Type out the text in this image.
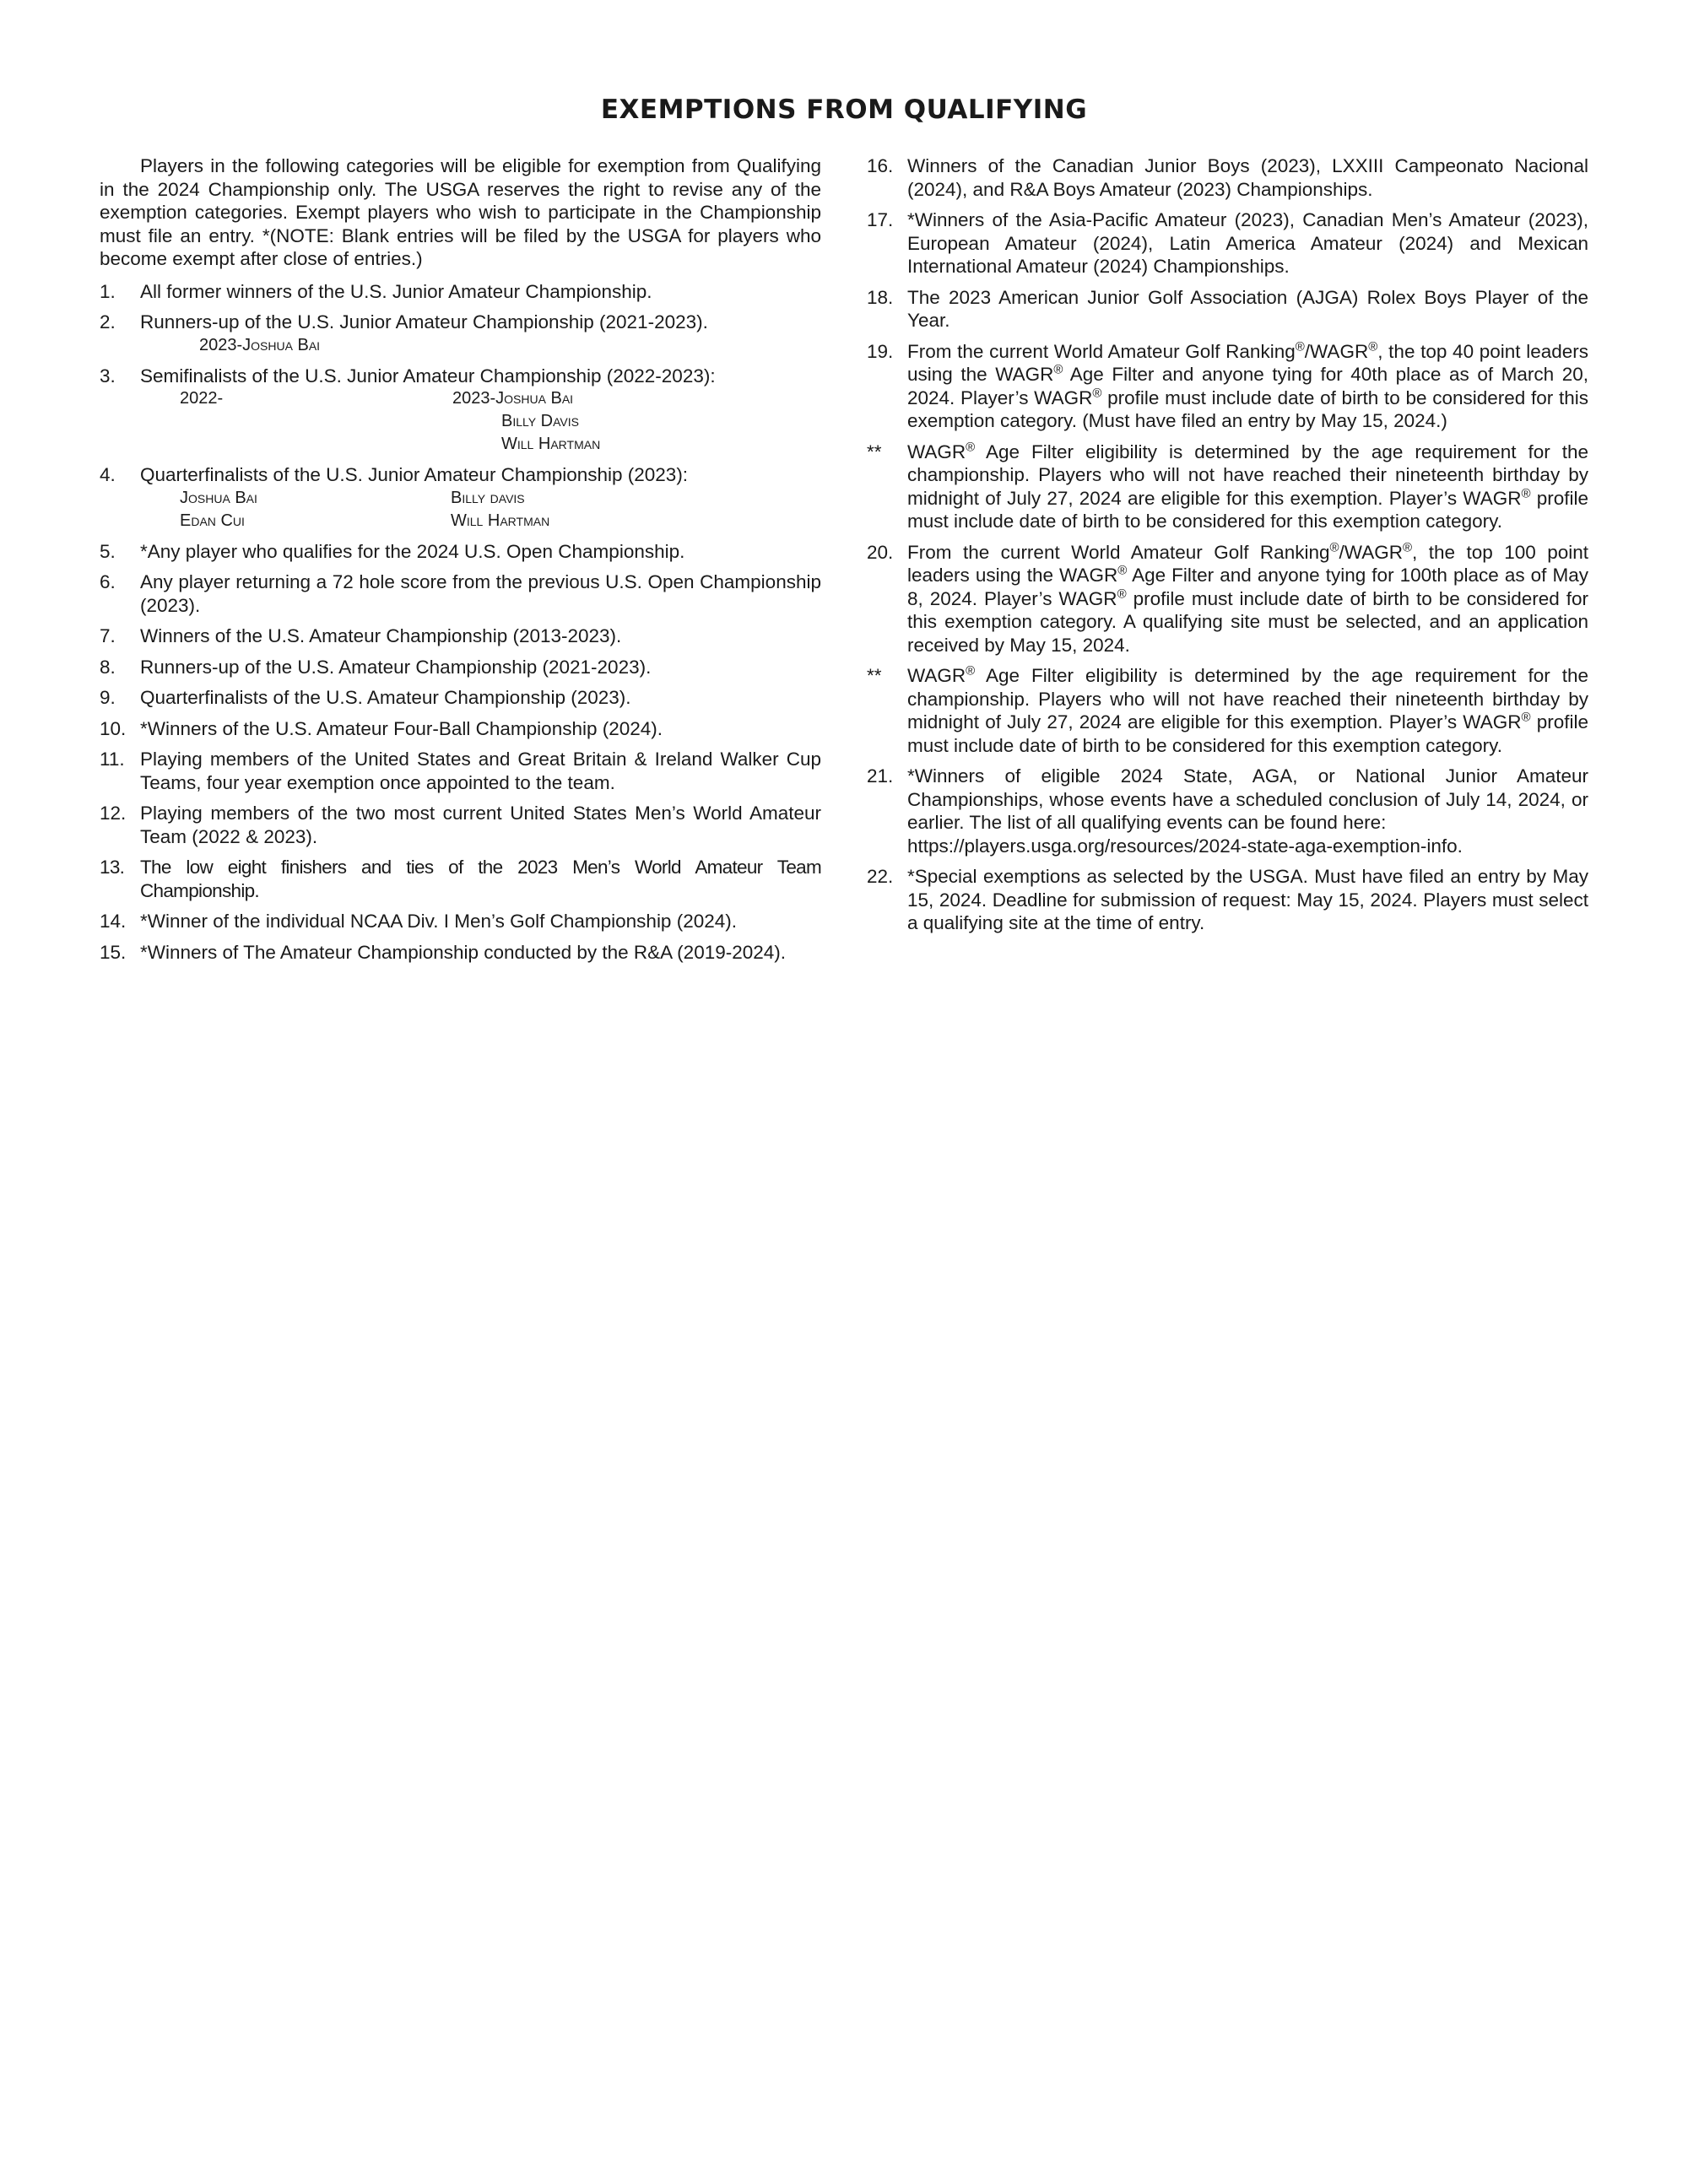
EXEMPTIONS FROM QUALIFYING

Players in the following categories will be eligible for exemption from Qualifying in the 2024 Championship only. The USGA reserves the right to revise any of the exemption categories. Exempt players who wish to participate in the Championship must file an entry. *(NOTE: Blank entries will be filed by the USGA for players who become exempt after close of entries.)

1.	All former winners of the U.S. Junior Amateur Championship.
2.	Runners-up of the U.S. Junior Amateur Championship (2021-2023).
2023-Joshua Bai
3.	Semifinalists of the U.S. Junior Amateur Championship (2022-2023):
2022-	2023-Joshua Bai
Billy Davis
Will Hartman
4.	Quarterfinalists of the U.S. Junior Amateur Championship (2023):
Joshua Bai	Billy davis
Edan Cui	Will Hartman
5.	*Any player who qualifies for the 2024 U.S. Open Championship.
6.	Any player returning a 72 hole score from the previous U.S. Open Championship (2023).
7.	Winners of the U.S. Amateur Championship (2013-2023).
8.	Runners-up of the U.S. Amateur Championship (2021-2023).
9.	Quarterfinalists of the U.S. Amateur Championship (2023).
10. *Winners of the U.S. Amateur Four-Ball Championship (2024).
11. Playing members of the United States and Great Britain & Ireland Walker Cup Teams, four year exemption once appointed to the team.
12. Playing members of the two most current United States Men’s World Amateur Team (2022 & 2023).
13. The low eight finishers and ties of the 2023 Men’s World Amateur Team Championship.
14. *Winner of the individual NCAA Div. I Men’s Golf Championship (2024).
15. *Winners of The Amateur Championship conducted by the R&A (2019-2024).
16. Winners of the Canadian Junior Boys (2023), LXXIII Campeonato Nacional (2024), and R&A Boys Amateur (2023) Championships.
17. *Winners of the Asia-Pacific Amateur (2023), Canadian Men’s Amateur (2023), European Amateur (2024), Latin America Amateur (2024) and Mexican International Amateur (2024) Championships.
18. The 2023 American Junior Golf Association (AJGA) Rolex Boys Player of the Year.
19. From the current World Amateur Golf Ranking®/WAGR®, the top 40 point leaders using the WAGR® Age Filter and anyone tying for 40th place as of March 20, 2024. Player’s WAGR® profile must include date of birth to be considered for this exemption category. (Must have filed an entry by May 15, 2024.)
**	WAGR® Age Filter eligibility is determined by the age requirement for the championship. Players who will not have reached their nineteenth birthday by midnight of July 27, 2024 are eligible for this exemption. Player’s WAGR® profile must include date of birth to be considered for this exemption category.
20. From the current World Amateur Golf Ranking®/WAGR®, the top 100 point leaders using the WAGR® Age Filter and anyone tying for 100th place as of May 8, 2024. Player’s WAGR® profile must include date of birth to be considered for this exemption category. A qualifying site must be selected, and an application received by May 15, 2024.
**	WAGR® Age Filter eligibility is determined by the age requirement for the championship. Players who will not have reached their nineteenth birthday by midnight of July 27, 2024 are eligible for this exemption. Player’s WAGR® profile must include date of birth to be considered for this exemption category.
21. *Winners of eligible 2024 State, AGA, or National Junior Amateur Championships, whose events have a scheduled conclusion of July 14, 2024, or earlier. The list of all qualifying events can be found here:
https://players.usga.org/resources/2024-state-aga-exemption-info.
22. *Special exemptions as selected by the USGA. Must have filed an entry by May 15, 2024. Deadline for submission of request: May 15, 2024. Players must select a qualifying site at the time of entry.
